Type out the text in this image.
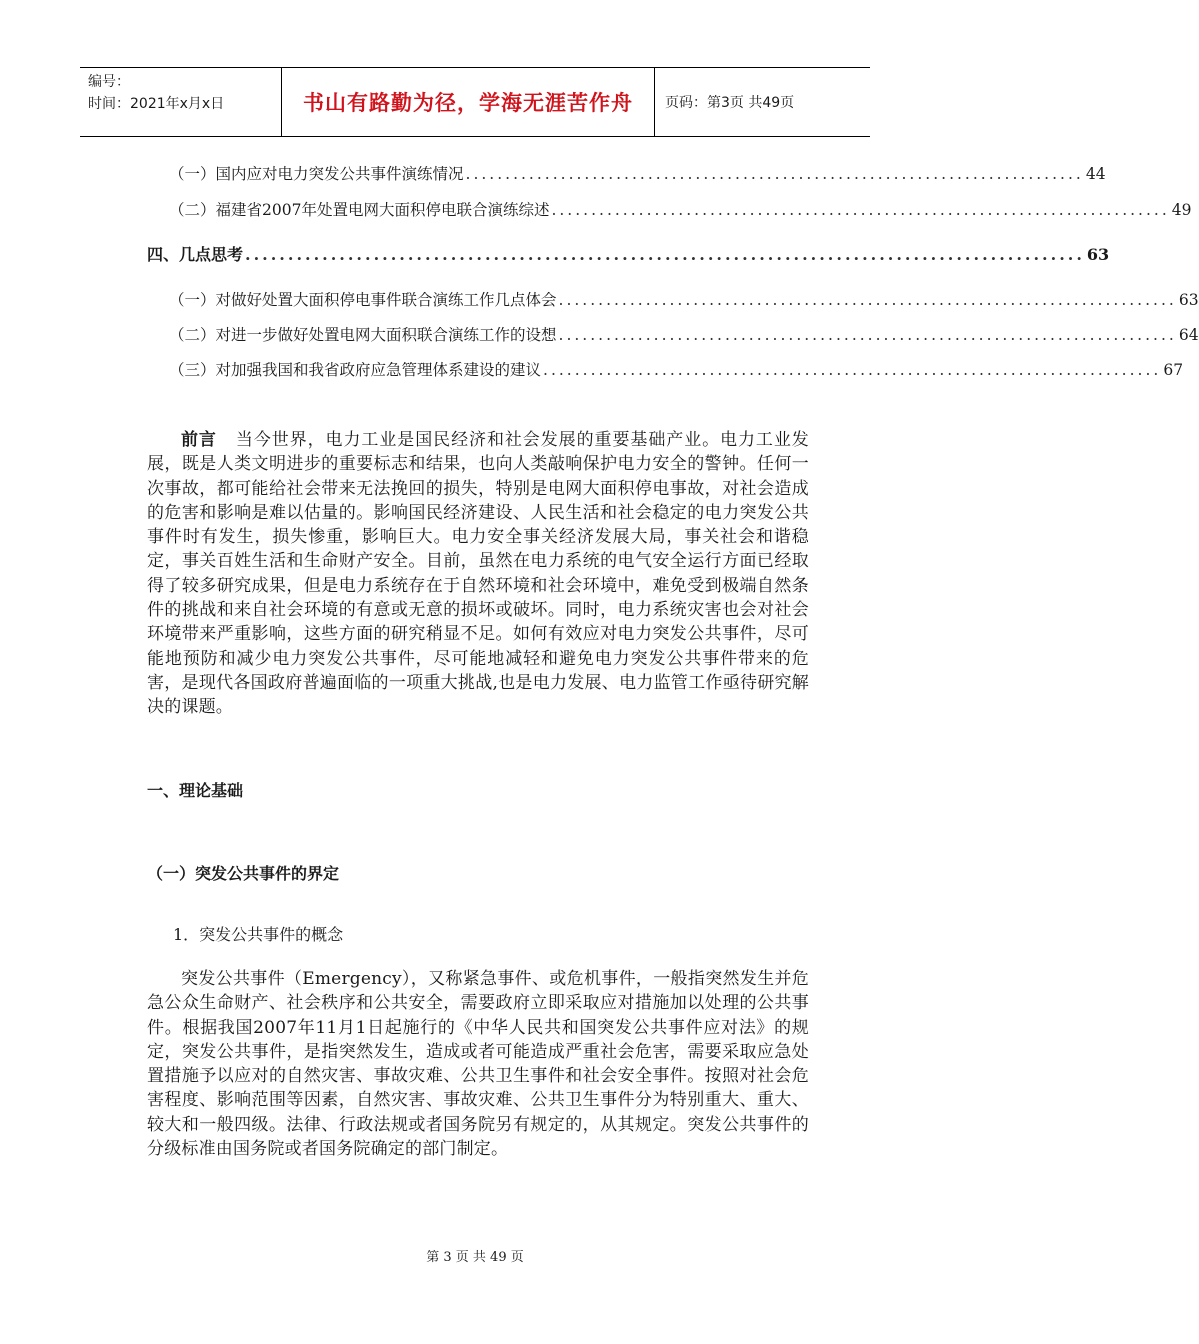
编号：
时间：2021年x月x日	书山有路勤为径，学海无涯苦作舟	页码：第3页 共49页
（一）国内应对电力突发公共事件演练情况 .............................................................................. 44
（二）福建省2007年处置电网大面积停电联合演练综述 .............................................................................. 49
四、几点思考 .................................................................................................. 63
（一）对做好处置大面积停电事件联合演练工作几点体会 .............................................................................. 63
（二）对进一步做好处置电网大面积联合演练工作的设想 .............................................................................. 64
（三）对加强我国和我省政府应急管理体系建设的建议 .............................................................................. 67

前言 当今世界，电力工业是国民经济和社会发展的重要基础产业。电力工业发展，既是人类文明进步的重要标志和结果，也向人类敲响保护电力安全的警钟。任何一次事故，都可能给社会带来无法挽回的损失，特别是电网大面积停电事故，对社会造成的危害和影响是难以估量的。影响国民经济建设、人民生活和社会稳定的电力突发公共事件时有发生，损失惨重，影响巨大。电力安全事关经济发展大局，事关社会和谐稳定，事关百姓生活和生命财产安全。目前，虽然在电力系统的电气安全运行方面已经取得了较多研究成果，但是电力系统存在于自然环境和社会环境中，难免受到极端自然条件的挑战和来自社会环境的有意或无意的损坏或破坏。同时，电力系统灾害也会对社会环境带来严重影响，这些方面的研究稍显不足。如何有效应对电力突发公共事件，尽可能地预防和减少电力突发公共事件，尽可能地减轻和避免电力突发公共事件带来的危害，是现代各国政府普遍面临的一项重大挑战,也是电力发展、电力监管工作亟待研究解决的课题。

一、理论基础
（一）突发公共事件的界定
1．突发公共事件的概念

突发公共事件（Emergency），又称紧急事件、或危机事件，一般指突然发生并危急公众生命财产、社会秩序和公共安全，需要政府立即采取应对措施加以处理的公共事件。根据我国2007年11月1日起施行的《中华人民共和国突发公共事件应对法》的规定，突发公共事件，是指突然发生，造成或者可能造成严重社会危害，需要采取应急处置措施予以应对的自然灾害、事故灾难、公共卫生事件和社会安全事件。按照对社会危害程度、影响范围等因素，自然灾害、事故灾难、公共卫生事件分为特别重大、重大、较大和一般四级。法律、行政法规或者国务院另有规定的，从其规定。突发公共事件的分级标准由国务院或者国务院确定的部门制定。

第 3 页 共 49 页
